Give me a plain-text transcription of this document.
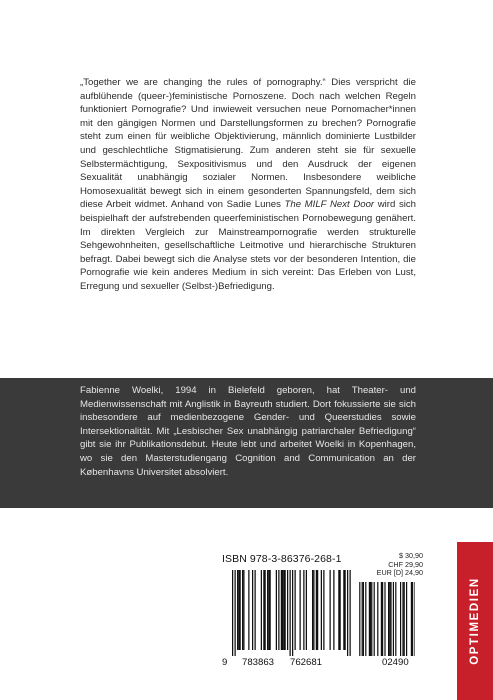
„Together we are changing the rules of pornography.“ Dies verspricht die aufblühende (queer-)feministische Pornoszene. Doch nach welchen Regeln funktioniert Pornografie? Und inwieweit versuchen neue Pornomacher*innen mit den gängigen Normen und Darstellungsformen zu brechen? Pornografie steht zum einen für weibliche Objektivierung, männlich dominierte Lustbilder und geschlechtliche Stigmatisierung. Zum anderen steht sie für sexuelle Selbstermächtigung, Sexpositivismus und den Ausdruck der eigenen Sexualität unabhängig sozialer Normen. Insbesondere weibliche Homosexualität bewegt sich in einem gesonderten Spannungsfeld, dem sich diese Arbeit widmet. Anhand von Sadie Lunes The MILF Next Door wird sich beispielhaft der aufstrebenden queerfeministischen Pornobewegung genähert. Im direkten Vergleich zur Mainstreampornografie werden strukturelle Sehgewohnheiten, gesellschaftliche Leitmotive und hierarchische Strukturen befragt. Dabei bewegt sich die Analyse stets vor der besonderen Intention, die Pornografie wie kein anderes Medium in sich vereint: Das Erleben von Lust, Erregung und sexueller (Selbst-)Befriedigung.

Fabienne Woelki, 1994 in Bielefeld geboren, hat Theater- und Medienwissenschaft mit Anglistik in Bayreuth studiert. Dort fokussierte sie sich insbesondere auf medienbezogene Gender- und Queerstudies sowie Intersektionalität. Mit „Lesbischer Sex unabhängig patriarchaler Befriedigung“ gibt sie ihr Publikationsdebut. Heute lebt und arbeitet Woelki in Kopenhagen, wo sie den Masterstudiengang Cognition and Communication an der Københavns Universitet absolviert.

$ 30,90
CHF 29,90
EUR [D] 24,90
ISBN 978-3-86376-268-1
9 783863 762681	02490	OPTIMEDIEN
